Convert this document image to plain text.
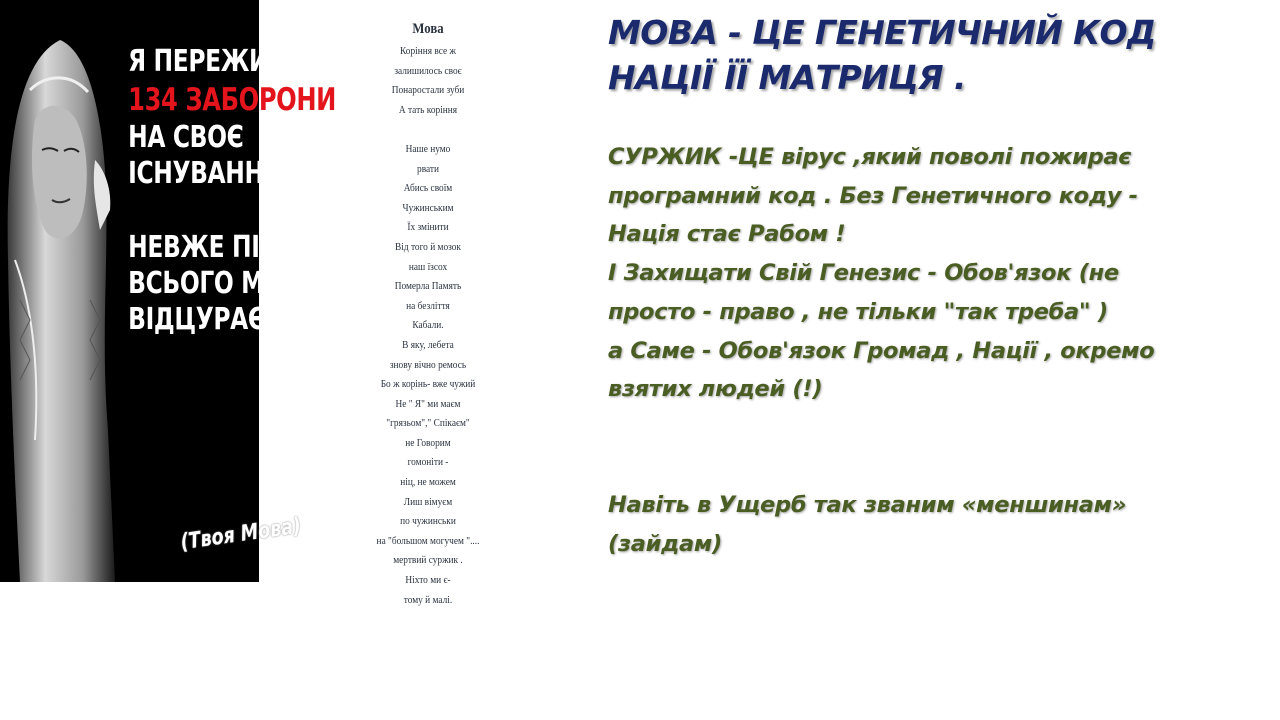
Я ПЕРЕЖИЛА
134 ЗАБОРОНИ
НА СВОЄ
ІСНУВАННЯ.
НЕВЖЕ ПІСЛЯ
ВСЬОГО МЕНЕ
ВІДЦУРАЄШСЯ?
(Твоя Мова)
Мова
Коріння все ж
залишилось своє
Понаростали зуби
А тать коріння
Наше нумо
рвати
Абись своїм
Чужинським
Їх змінити
Від того й мозок
наш їзсох
Померла Память
на безліття
Кабали.
В яку, лебета
знову вічно ремось
Бо ж корінь- вже чужий
Не " Я" ми маєм
"грязьом"," Спікаєм"
не Говорим
гомоніти -
ніц, не можем
Лиш вімуєм
по чужинськи
на "большом могучем "....
мертвий суржик .
Ніхто ми є-
тому й малі.
МОВА - ЦЕ ГЕНЕТИЧНИЙ КОД
НАЦІЇ ЇЇ МАТРИЦЯ .
СУРЖИК -ЦЕ вірус ,який поволі пожирає
програмний код . Без Генетичного коду -
Нація стає Рабом !
І Захищати Свій Генезис - Обов'язок (не
просто - право , не тільки "так треба" )
а Саме - Обов'язок Громад , Нації , окремо
взятих людей (!)
Навіть в Ущерб так званим «меншинам»
(зайдам)
